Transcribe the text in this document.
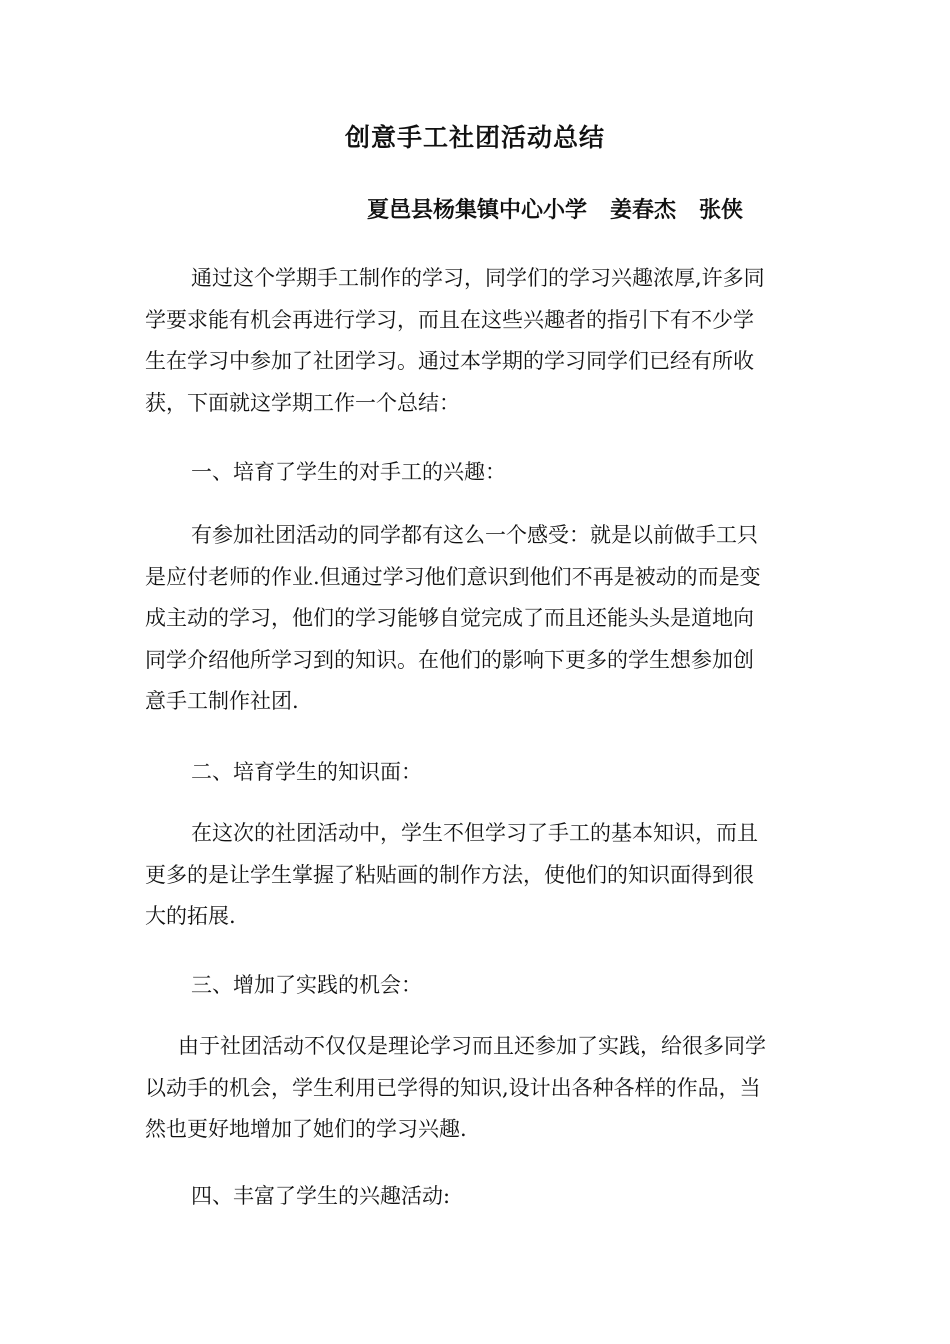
创意手工社团活动总结
夏邑县杨集镇中心小学   姜春杰   张侠
通过这个学期手工制作的学习，同学们的学习兴趣浓厚,许多同
学要求能有机会再进行学习，而且在这些兴趣者的指引下有不少学
生在学习中参加了社团学习。通过本学期的学习同学们已经有所收
获，下面就这学期工作一个总结：
一、培育了学生的对手工的兴趣：
有参加社团活动的同学都有这么一个感受：就是以前做手工只
是应付老师的作业.但通过学习他们意识到他们不再是被动的而是变
成主动的学习，他们的学习能够自觉完成了而且还能头头是道地向
同学介绍他所学习到的知识。在他们的影响下更多的学生想参加创
意手工制作社团.
二、培育学生的知识面：
在这次的社团活动中，学生不但学习了手工的基本知识，而且
更多的是让学生掌握了粘贴画的制作方法，使他们的知识面得到很
大的拓展.
三、增加了实践的机会：
由于社团活动不仅仅是理论学习而且还参加了实践，给很多同学
以动手的机会，学生利用已学得的知识,设计出各种各样的作品，当
然也更好地增加了她们的学习兴趣.
四、丰富了学生的兴趣活动:
